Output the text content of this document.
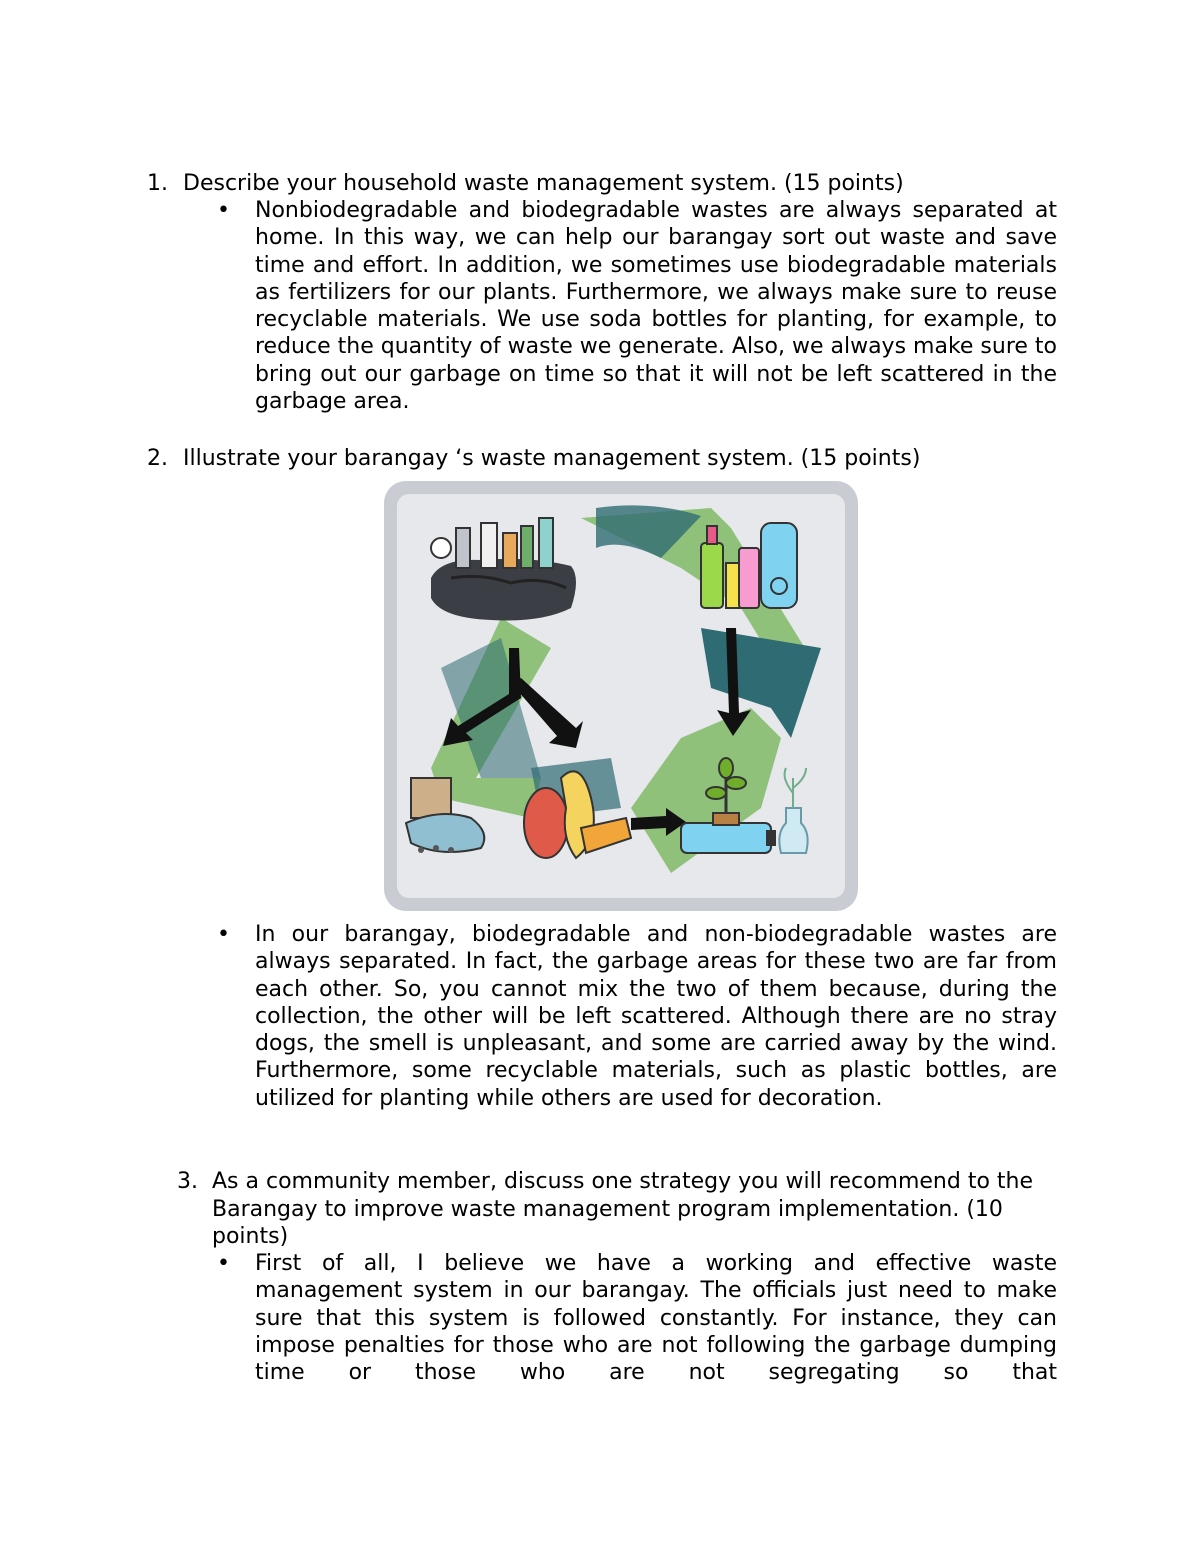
1. Describe your household waste management system. (15 points)

• Nonbiodegradable and biodegradable wastes are always separated at home. In this way, we can help our barangay sort out waste and save time and effort. In addition, we sometimes use biodegradable materials as fertilizers for our plants. Furthermore, we always make sure to reuse recyclable materials. We use soda bottles for planting, for example, to reduce the quantity of waste we generate. Also, we always make sure to bring out our garbage on time so that it will not be left scattered in the garbage area.

2. Illustrate your barangay ‘s waste management system. (15 points)

• In our barangay, biodegradable and non-biodegradable wastes are always separated. In fact, the garbage areas for these two are far from each other. So, you cannot mix the two of them because, during the collection, the other will be left scattered. Although there are no stray dogs, the smell is unpleasant, and some are carried away by the wind. Furthermore, some recyclable materials, such as plastic bottles, are utilized for planting while others are used for decoration.

3. As a community member, discuss one strategy you will recommend to the Barangay to improve waste management program implementation. (10 points)

• First of all, I believe we have a working and effective waste management system in our barangay. The officials just need to make sure that this system is followed constantly. For instance, they can impose penalties for those who are not following the garbage dumping time or those who are not segregating so that
